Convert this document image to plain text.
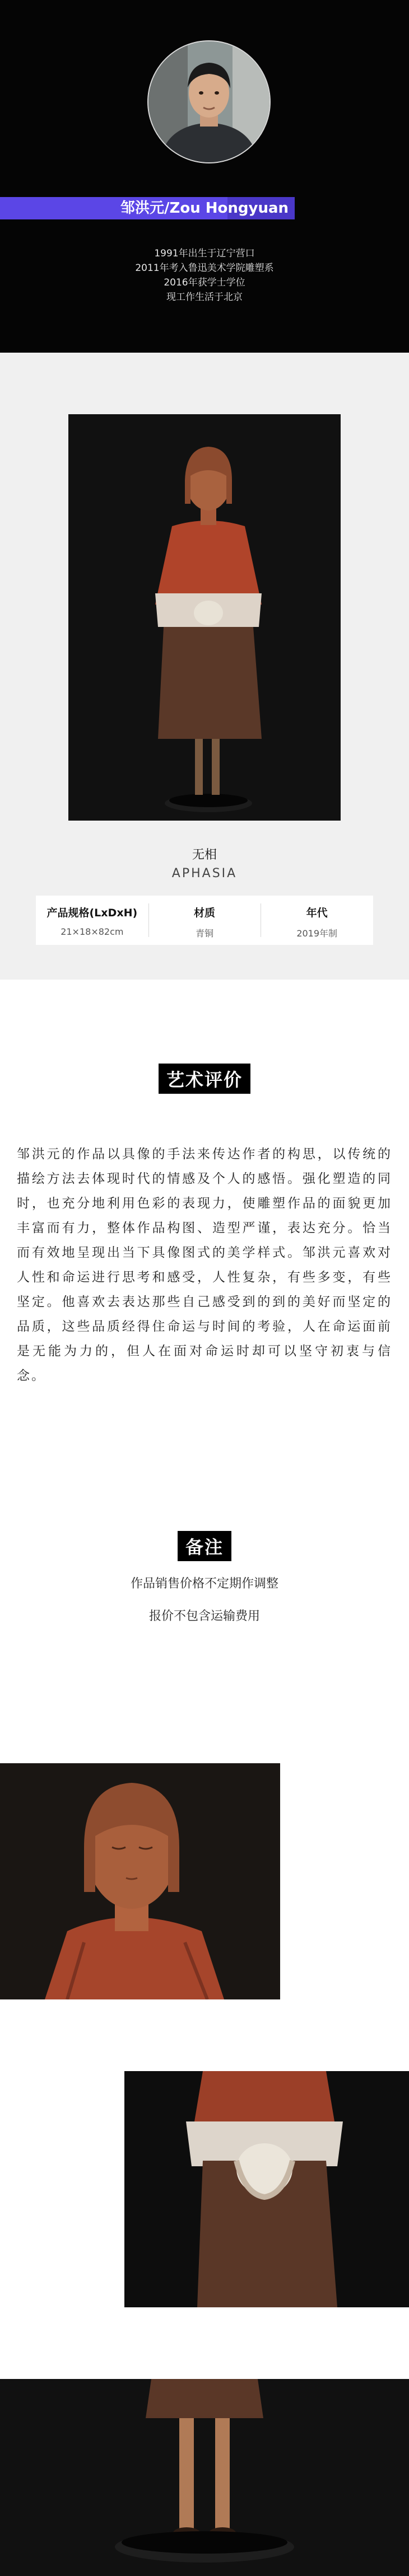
邹洪元/Zou Hongyuan
1991年出生于辽宁营口
2011年考入鲁迅美术学院雕塑系
2016年获学士学位
现工作生活于北京
无相
APHASIA
产品规格(LxDxH)
21×18×82cm
材质
青铜
年代
2019年制
艺术评价
邹洪元的作品以具像的手法来传达作者的构思，以传统的描绘方法去体现时代的情感及个人的感悟。强化塑造的同时，也充分地利用色彩的表现力，使雕塑作品的面貌更加丰富而有力，整体作品构图、造型严谨，表达充分。恰当而有效地呈现出当下具像图式的美学样式。邹洪元喜欢对人性和命运进行思考和感受，人性复杂，有些多变，有些坚定。他喜欢去表达那些自己感受到的到的美好而坚定的品质，这些品质经得住命运与时间的考验，人在命运面前是无能为力的，但人在面对命运时却可以坚守初衷与信念。
备注
作品销售价格不定期作调整
报价不包含运输费用
